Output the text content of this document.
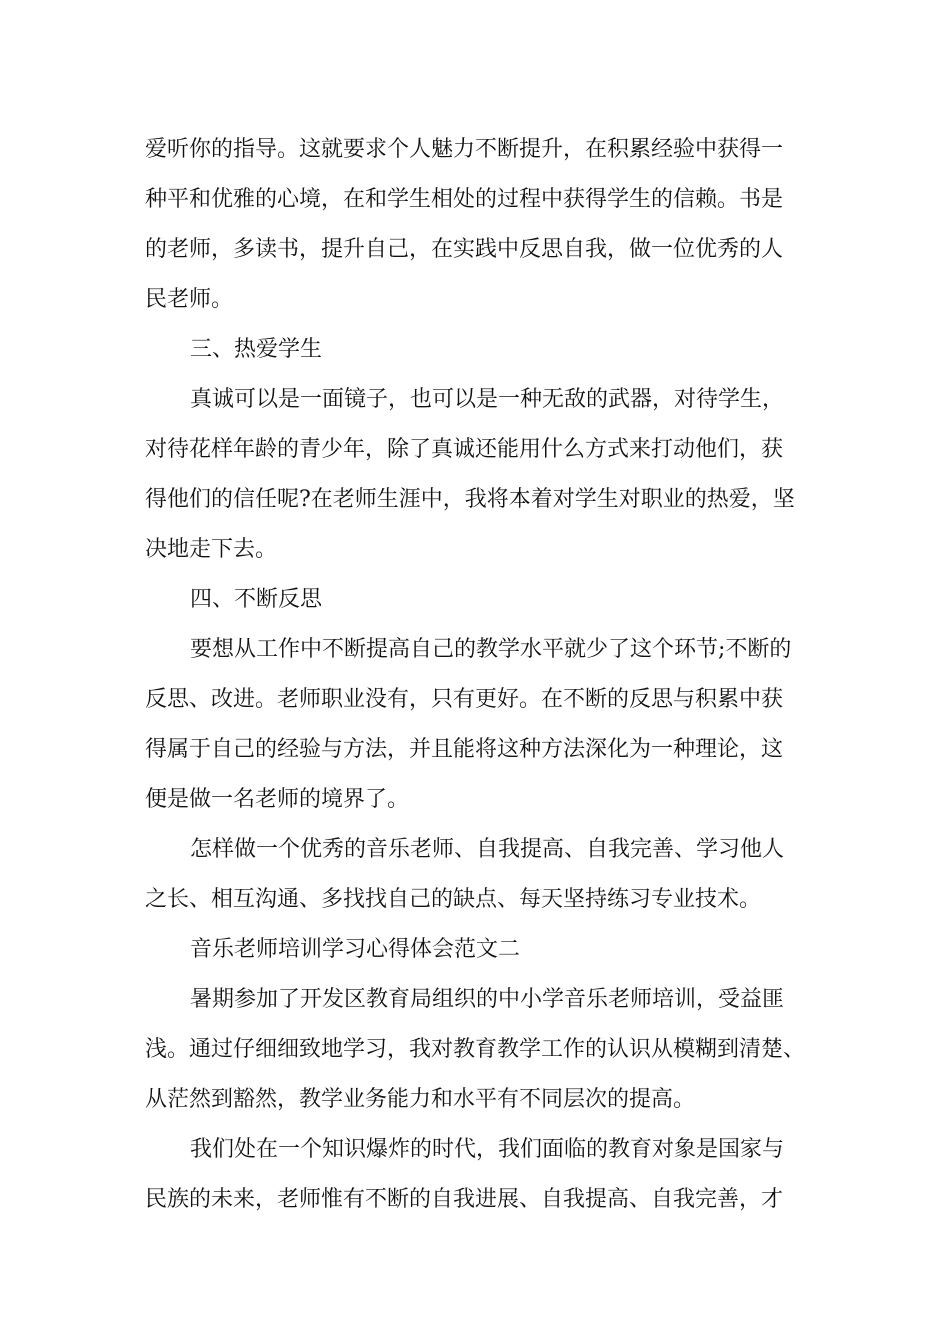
爱听你的指导。这就要求个人魅力不断提升，在积累经验中获得一
种平和优雅的心境，在和学生相处的过程中获得学生的信赖。书是
的老师，多读书，提升自己，在实践中反思自我，做一位优秀的人
民老师。
三、热爱学生
真诚可以是一面镜子，也可以是一种无敌的武器，对待学生，
对待花样年龄的青少年，除了真诚还能用什么方式来打动他们，获
得他们的信任呢?在老师生涯中，我将本着对学生对职业的热爱，坚
决地走下去。
四、不断反思
要想从工作中不断提高自己的教学水平就少了这个环节;不断的
反思、改进。老师职业没有，只有更好。在不断的反思与积累中获
得属于自己的经验与方法，并且能将这种方法深化为一种理论，这
便是做一名老师的境界了。
怎样做一个优秀的音乐老师、自我提高、自我完善、学习他人
之长、相互沟通、多找找自己的缺点、每天坚持练习专业技术。
音乐老师培训学习心得体会范文二
暑期参加了开发区教育局组织的中小学音乐老师培训，受益匪
浅。通过仔细细致地学习，我对教育教学工作的认识从模糊到清楚、
从茫然到豁然，教学业务能力和水平有不同层次的提高。
我们处在一个知识爆炸的时代，我们面临的教育对象是国家与
民族的未来，老师惟有不断的自我进展、自我提高、自我完善，才
